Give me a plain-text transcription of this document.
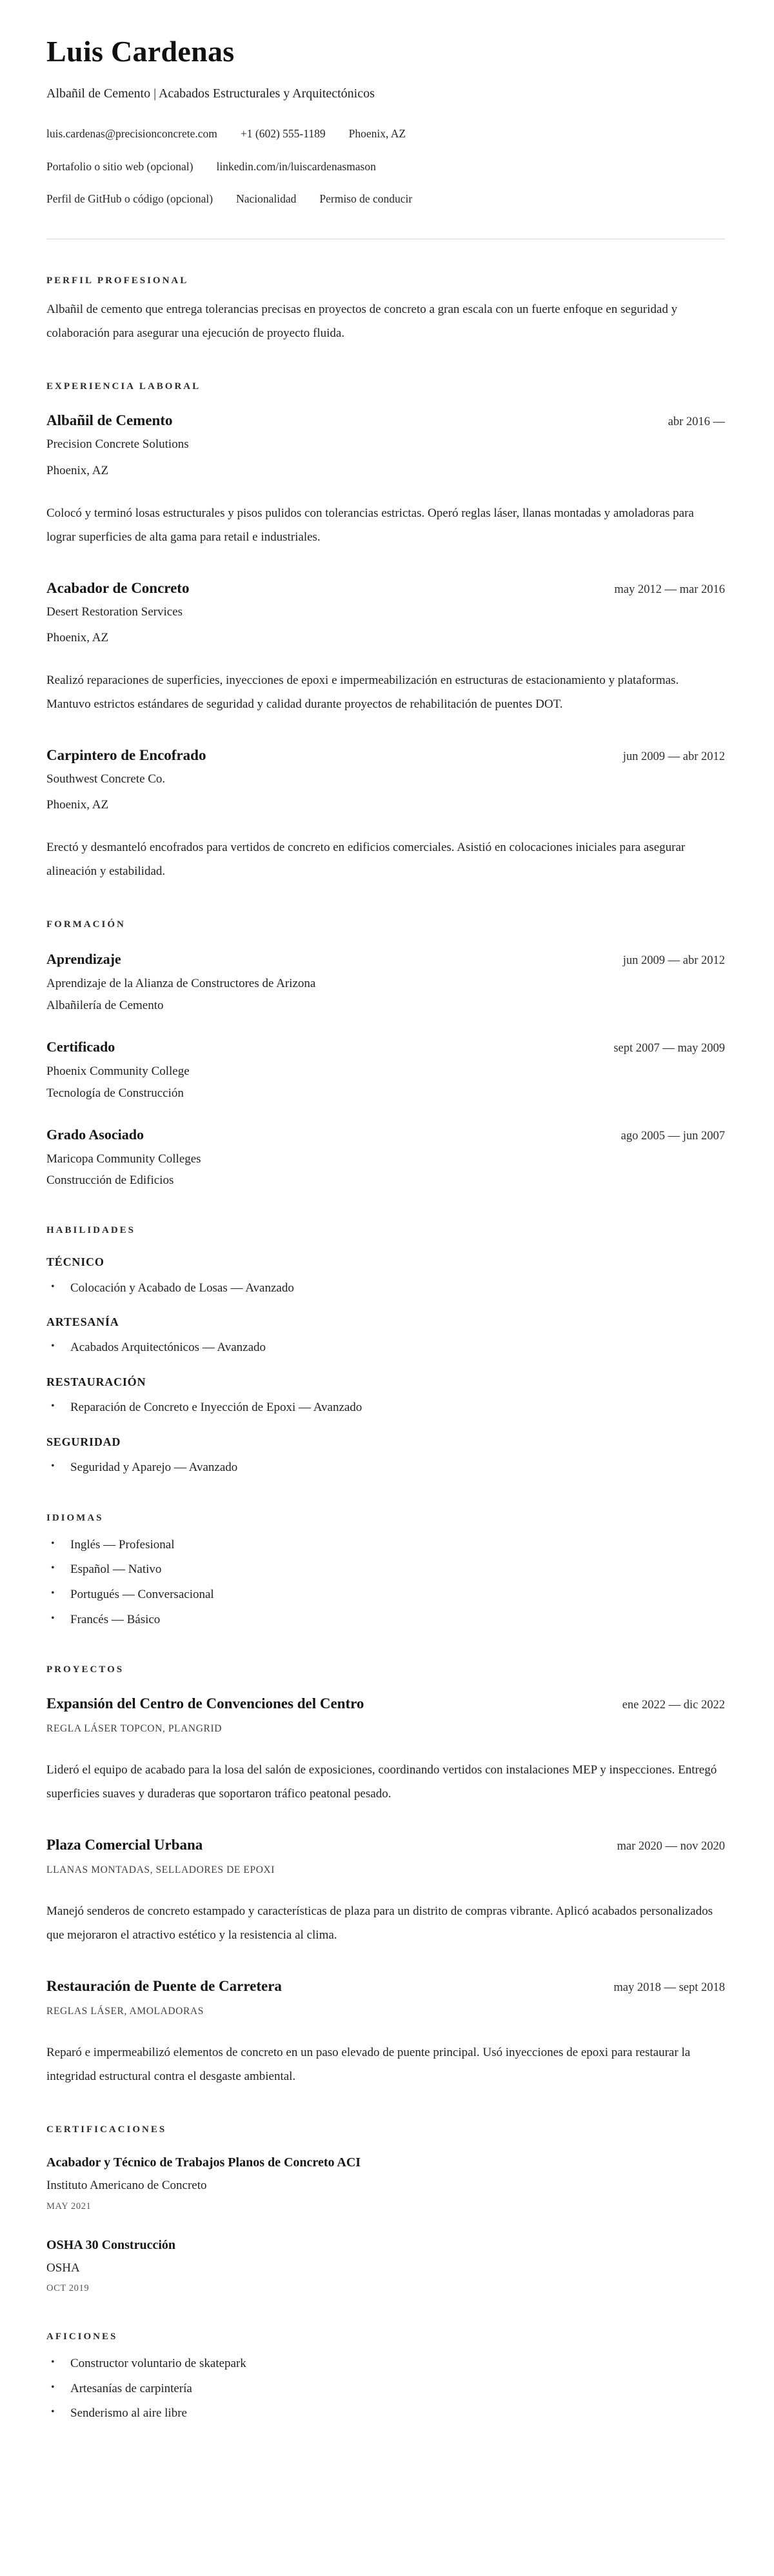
Luis Cardenas
Albañil de Cemento | Acabados Estructurales y Arquitectónicos
luis.cardenas@precisionconcrete.com +1 (602) 555-1189 Phoenix, AZ
Portafolio o sitio web (opcional) linkedin.com/in/luiscardenasmason
Perfil de GitHub o código (opcional) Nacionalidad Permiso de conducir
PERFIL PROFESIONAL

Albañil de cemento que entrega tolerancias precisas en proyectos de concreto a gran escala con un fuerte enfoque en seguridad y colaboración para asegurar una ejecución de proyecto fluida.

EXPERIENCIA LABORAL
Albañil de Cemento	abr 2016 —
Precision Concrete Solutions
Phoenix, AZ

Colocó y terminó losas estructurales y pisos pulidos con tolerancias estrictas. Operó reglas láser, llanas montadas y amoladoras para lograr superficies de alta gama para retail e industriales.

Acabador de Concreto	may 2012 — mar 2016
Desert Restoration Services
Phoenix, AZ

Realizó reparaciones de superficies, inyecciones de epoxi e impermeabilización en estructuras de estacionamiento y plataformas. Mantuvo estrictos estándares de seguridad y calidad durante proyectos de rehabilitación de puentes DOT.

Carpintero de Encofrado	jun 2009 — abr 2012
Southwest Concrete Co.
Phoenix, AZ

Erectó y desmanteló encofrados para vertidos de concreto en edificios comerciales. Asistió en colocaciones iniciales para asegurar alineación y estabilidad.

FORMACIÓN
Aprendizaje	jun 2009 — abr 2012
Aprendizaje de la Alianza de Constructores de Arizona
Albañilería de Cemento
Certificado	sept 2007 — may 2009
Phoenix Community College
Tecnología de Construcción
Grado Asociado	ago 2005 — jun 2007
Maricopa Community Colleges
Construcción de Edificios
HABILIDADES
TÉCNICO
• Colocación y Acabado de Losas — Avanzado
ARTESANÍA
• Acabados Arquitectónicos — Avanzado
RESTAURACIÓN
• Reparación de Concreto e Inyección de Epoxi — Avanzado
SEGURIDAD
• Seguridad y Aparejo — Avanzado
IDIOMAS
• Inglés — Profesional
• Español — Nativo
• Portugués — Conversacional
• Francés — Básico
PROYECTOS
Expansión del Centro de Convenciones del Centro	ene 2022 — dic 2022
REGLA LÁSER TOPCON, PLANGRID

Lideró el equipo de acabado para la losa del salón de exposiciones, coordinando vertidos con instalaciones MEP y inspecciones. Entregó superficies suaves y duraderas que soportaron tráfico peatonal pesado.

Plaza Comercial Urbana	mar 2020 — nov 2020
LLANAS MONTADAS, SELLADORES DE EPOXI

Manejó senderos de concreto estampado y características de plaza para un distrito de compras vibrante. Aplicó acabados personalizados que mejoraron el atractivo estético y la resistencia al clima.

Restauración de Puente de Carretera	may 2018 — sept 2018
REGLAS LÁSER, AMOLADORAS

Reparó e impermeabilizó elementos de concreto en un paso elevado de puente principal. Usó inyecciones de epoxi para restaurar la integridad estructural contra el desgaste ambiental.

CERTIFICACIONES
Acabador y Técnico de Trabajos Planos de Concreto ACI
Instituto Americano de Concreto
MAY 2021
OSHA 30 Construcción
OSHA
OCT 2019
AFICIONES
• Constructor voluntario de skatepark
• Artesanías de carpintería
• Senderismo al aire libre
